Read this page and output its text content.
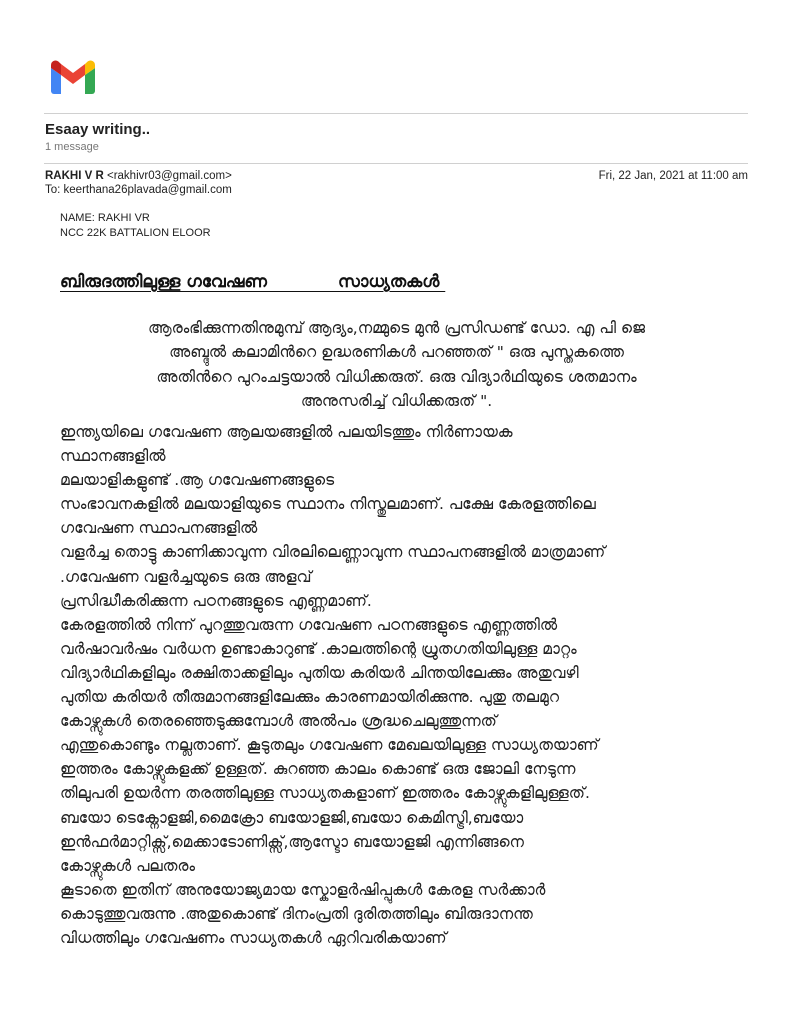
Esaay writing..
1 message
RAKHI V R <rakhivr03@gmail.com>	Fri, 22 Jan, 2021 at 11:00 am
To: keerthana26plavada@gmail.com
NAME: RAKHI VR
NCC 22K BATTALION ELOOR
ബിരുദത്തിലുള്ള ഗവേഷണ            സാധ്യതകൾ
ആരംഭിക്കുന്നതിനുമുമ്പ് ആദ്യം,നമ്മുടെ മുൻ പ്രസിഡണ്ട് ഡോ. എ പി ജെ
അബ്ദുൽ കലാമിൻറെ ഉദ്ധരണികൾ പറഞ്ഞത് " ഒരു പുസ്തകത്തെ
അതിൻറെ പുറംചട്ടയാൽ വിധിക്കരുത്. ഒരു വിദ്യാർഥിയുടെ ശതമാനം
അനുസരിച്ച് വിധിക്കരുത് ".
ഇന്ത്യയിലെ ഗവേഷണ ആലയങ്ങളിൽ പലയിടത്തും നിർണായക
സ്ഥാനങ്ങളിൽ
മലയാളികളുണ്ട് .ആ ഗവേഷണങ്ങളുടെ
സംഭാവനകളിൽ മലയാളിയുടെ സ്ഥാനം നിസ്തുലമാണ്. പക്ഷേ കേരളത്തിലെ
ഗവേഷണ സ്ഥാപനങ്ങളിൽ
വളർച്ച തൊട്ടു കാണിക്കാവുന്ന വിരലിലെണ്ണാവുന്ന സ്ഥാപനങ്ങളിൽ മാത്രമാണ്
.ഗവേഷണ വളർച്ചയുടെ ഒരു അളവ്
പ്രസിദ്ധീകരിക്കുന്ന പഠനങ്ങളുടെ എണ്ണമാണ്.
കേരളത്തിൽ നിന്ന് പുറത്തുവരുന്ന ഗവേഷണ പഠനങ്ങളുടെ എണ്ണത്തിൽ
വർഷാവർഷം വർധന ഉണ്ടാകാറുണ്ട് .കാലത്തിന്റെ ധ്രുതഗതിയിലുള്ള മാറ്റം
വിദ്യാർഥികളിലും രക്ഷിതാക്കളിലും പുതിയ കരിയർ ചിന്തയിലേക്കും അതുവഴി
പുതിയ കരിയർ തീരുമാനങ്ങളിലേക്കും കാരണമായിരിക്കുന്നു. പുതു തലമുറ
കോഴ്സുകൾ തെരഞ്ഞെടുക്കുമ്പോൾ അൽപം ശ്രദ്ധചെലുത്തുന്നത്
എന്തുകൊണ്ടും നല്ലതാണ്. കൂടുതലും ഗവേഷണ മേഖലയിലുള്ള സാധ്യതയാണ്
ഇത്തരം കോഴ്സുകളക്ക് ഉള്ളത്. കുറഞ്ഞ കാലം കൊണ്ട് ഒരു ജോലി നേടുന്ന
തിലുപരി ഉയർന്ന തരത്തിലുള്ള സാധ്യതകളാണ് ഇത്തരം കോഴ്സുകളിലുള്ളത്.
ബയോ ടെക്നോളജി,മൈക്രോ ബയോളജി,ബയോ കെമിസ്ട്രി,ബയോ
ഇൻഫർമാറ്റിക്സ്,മെക്കാടോണിക്സ്,ആസ്ടോ ബയോളജി എന്നിങ്ങനെ
കോഴ്സുകൾ പലതരം
കൂടാതെ ഇതിന് അനുയോജ്യമായ സ്കോളർഷിപ്പുകൾ കേരള സർക്കാർ
കൊടുത്തുവരുന്നു .അതുകൊണ്ട് ദിനംപ്രതി ദുരിതത്തിലും ബിരുദാനന്ത
വിധത്തിലും ഗവേഷണം സാധ്യതകൾ ഏറിവരികയാണ്
